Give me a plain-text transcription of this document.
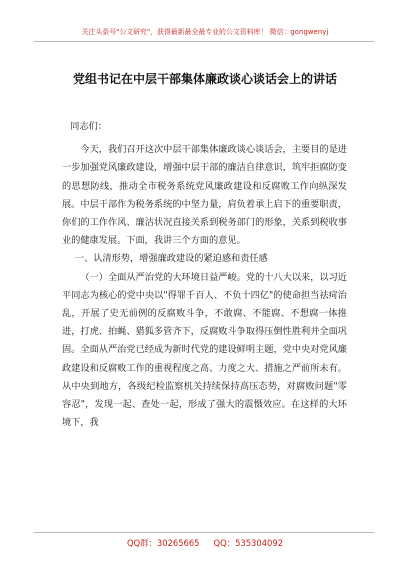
关注头条号"公文研究"，获得最新最全最专业的公文资料库！ 微信：gongwenyj
党组书记在中层干部集体廉政谈心谈话会上的讲话

同志们：

今天，我们召开这次中层干部集体廉政谈心谈话会，主要目的是进一步加强党风廉政建设，增强中层干部的廉洁自律意识，筑牢拒腐防变的思想防线，推动全市税务系统党风廉政建设和反腐败工作向纵深发展。中层干部作为税务系统的中坚力量，肩负着承上启下的重要职责，你们的工作作风、廉洁状况直接关系到税务部门的形象，关系到税收事业的健康发展。下面，我讲三个方面的意见。

一、认清形势，增强廉政建设的紧迫感和责任感

（一）全面从严治党的大环境日益严峻。党的十八大以来，以习近平同志为核心的党中央以"得罪千百人、不负十四亿"的使命担当祛疴治乱，开展了史无前例的反腐败斗争，不敢腐、不能腐、不想腐一体推进，打虎、拍蝇、猎狐多管齐下，反腐败斗争取得压倒性胜利并全面巩固。全面从严治党已经成为新时代党的建设鲜明主题，党中央对党风廉政建设和反腐败工作的重视程度之高、力度之大、措施之严前所未有。从中央到地方，各级纪检监察机关持续保持高压态势，对腐败问题"零容忍"，发现一起、查处一起，形成了强大的震慑效应。在这样的大环境下，我

QQ群：30265665 QQ：535304092
